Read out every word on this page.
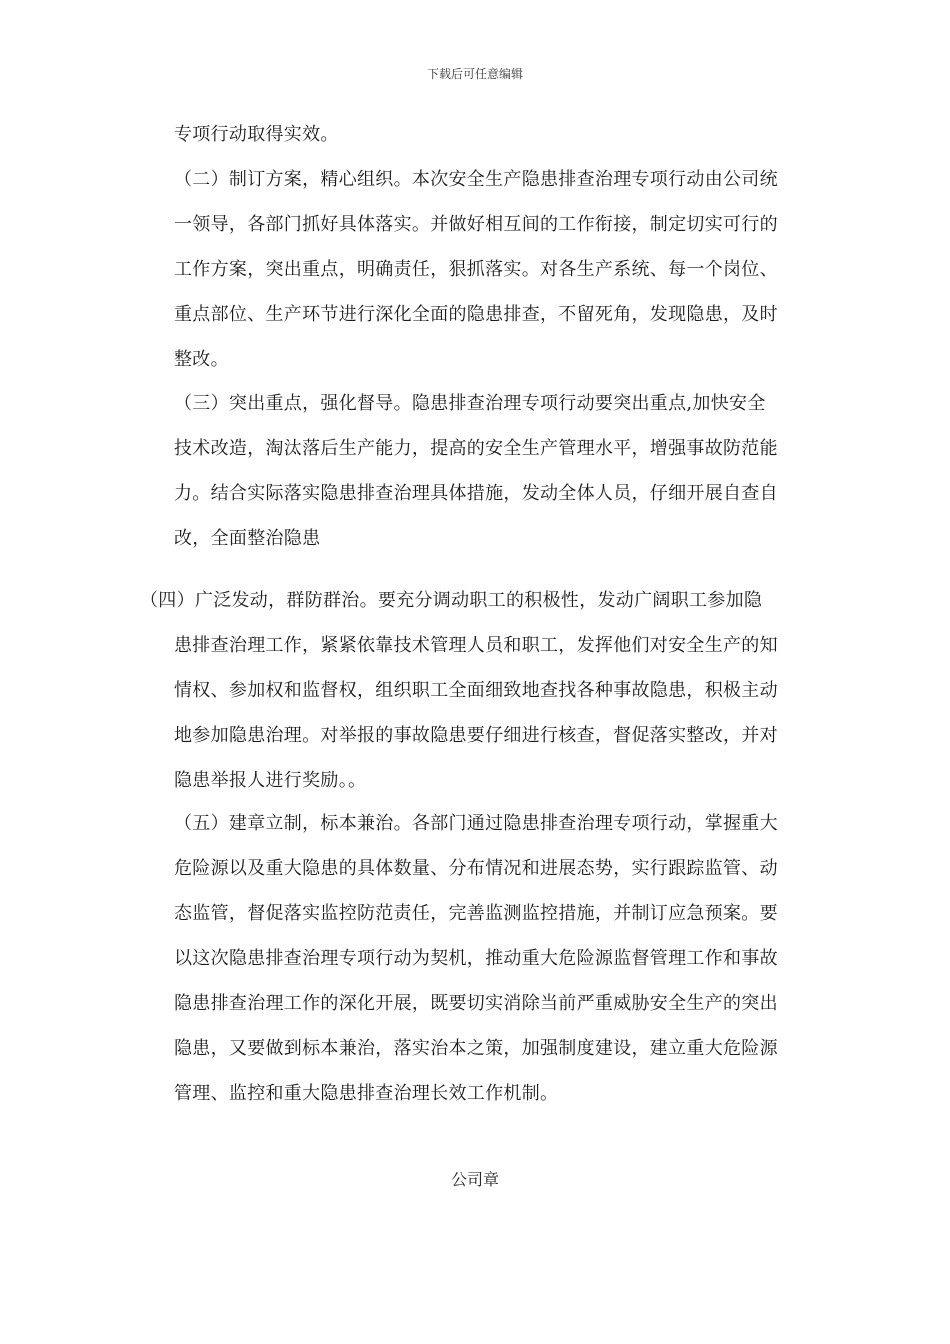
下载后可任意编辑
专项行动取得实效。
（二）制订方案，精心组织。本次安全生产隐患排查治理专项行动由公司统
一领导，各部门抓好具体落实。并做好相互间的工作衔接，制定切实可行的
工作方案，突出重点，明确责任，狠抓落实。对各生产系统、每一个岗位、
重点部位、生产环节进行深化全面的隐患排查，不留死角，发现隐患，及时
整改。
（三）突出重点，强化督导。隐患排查治理专项行动要突出重点,加快安全
技术改造，淘汰落后生产能力，提高的安全生产管理水平，增强事故防范能
力。结合实际落实隐患排查治理具体措施，发动全体人员，仔细开展自查自
改，全面整治隐患
（四）广泛发动，群防群治。要充分调动职工的积极性，发动广阔职工参加隐
患排查治理工作，紧紧依靠技术管理人员和职工，发挥他们对安全生产的知
情权、参加权和监督权，组织职工全面细致地查找各种事故隐患，积极主动
地参加隐患治理。对举报的事故隐患要仔细进行核查，督促落实整改，并对
隐患举报人进行奖励。。
（五）建章立制，标本兼治。各部门通过隐患排查治理专项行动，掌握重大
危险源以及重大隐患的具体数量、分布情况和进展态势，实行跟踪监管、动
态监管，督促落实监控防范责任，完善监测监控措施，并制订应急预案。要
以这次隐患排查治理专项行动为契机，推动重大危险源监督管理工作和事故
隐患排查治理工作的深化开展，既要切实消除当前严重威胁安全生产的突出
隐患，又要做到标本兼治，落实治本之策，加强制度建设，建立重大危险源
管理、监控和重大隐患排查治理长效工作机制。
公司章
